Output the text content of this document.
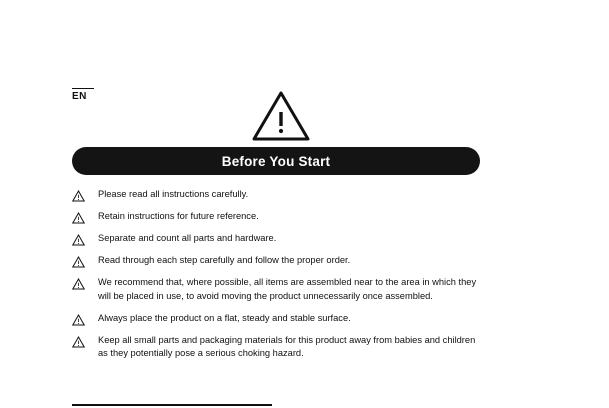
EN
Before You Start
Please read all instructions carefully.
Retain instructions for future reference.
Separate and count all parts and hardware.
Read through each step carefully and follow the proper order.
We recommend that, where possible, all items are assembled near to the area in which they will be placed in use, to avoid moving the product unnecessarily once assembled.
Always place the product on a flat, steady and stable surface.
Keep all small parts and packaging materials for this product away from babies and children as they potentially pose a serious choking hazard.
